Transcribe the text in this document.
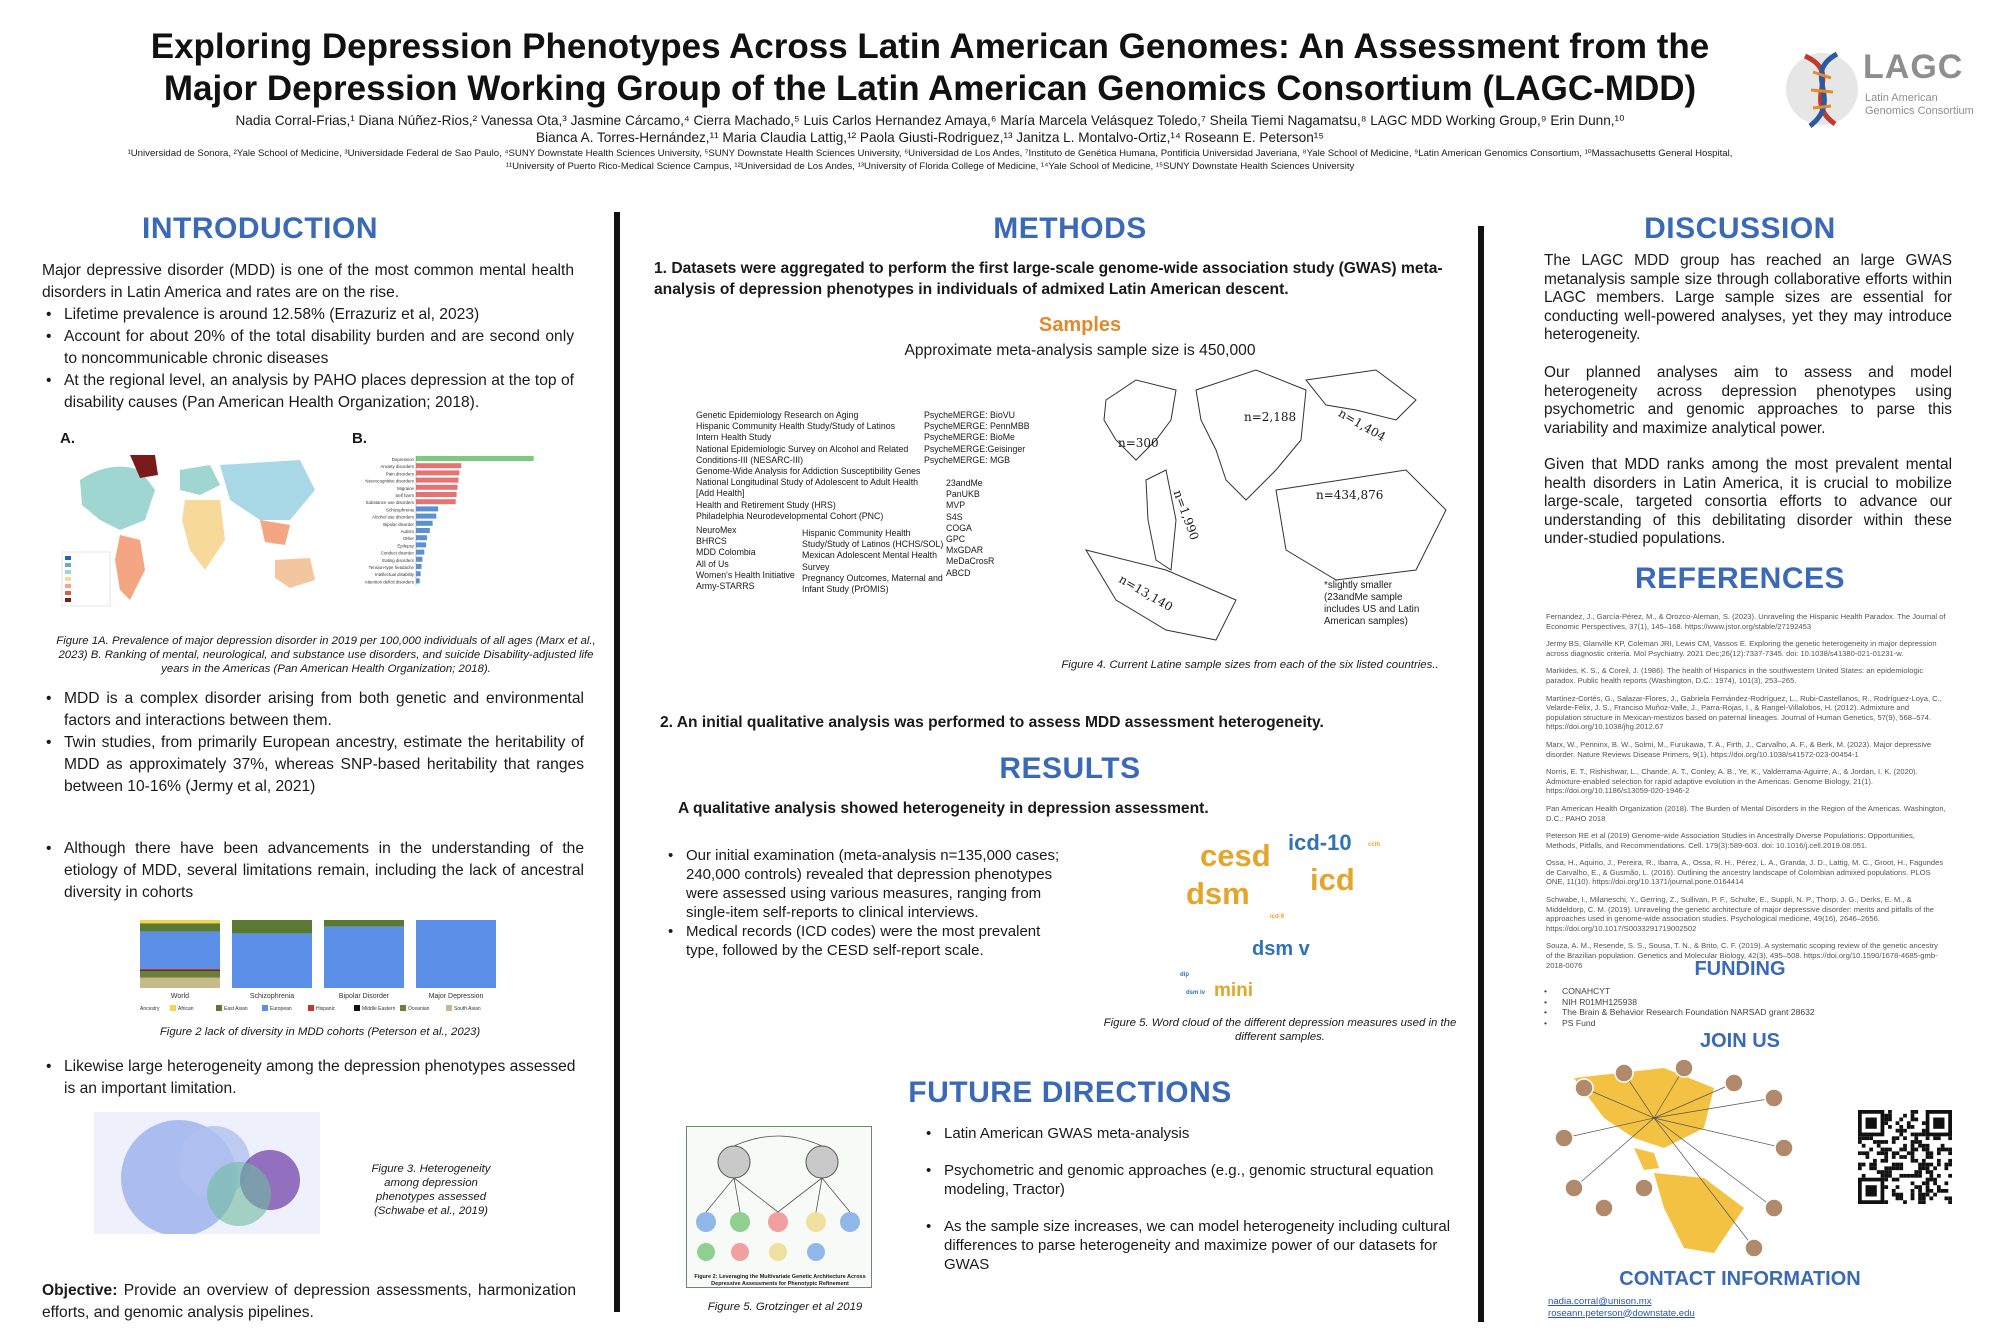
Exploring Depression Phenotypes Across Latin American Genomes: An Assessment from the
Major Depression Working Group of the Latin American Genomics Consortium (LAGC-MDD)
Nadia Corral-Frias,¹ Diana Núñez-Rios,² Vanessa Ota,³ Jasmine Cárcamo,⁴ Cierra Machado,⁵ Luis Carlos Hernandez Amaya,⁶ María Marcela Velásquez Toledo,⁷ Sheila Tiemi Nagamatsu,⁸ LAGC MDD Working Group,⁹ Erin Dunn,¹⁰
Bianca A. Torres-Hernández,¹¹ Maria Claudia Lattig,¹² Paola Giusti-Rodriguez,¹³ Janitza L. Montalvo-Ortiz,¹⁴ Roseann E. Peterson¹⁵
¹Universidad de Sonora, ²Yale School of Medicine, ³Universidade Federal de Sao Paulo, ⁴SUNY Downstate Health Sciences University, ⁵SUNY Downstate Health Sciences University, ⁶Universidad de Los Andes, ⁷Instituto de Genética Humana, Pontificia Universidad Javeriana, ⁸Yale School of Medicine, ⁹Latin American Genomics Consortium, ¹⁰Massachusetts General Hospital, ¹¹University of Puerto Rico-Medical Science Campus, ¹²Universidad de Los Andes, ¹³University of Florida College of Medicine, ¹⁴Yale School of Medicine, ¹⁵SUNY Downstate Health Sciences University
LAGC
Latin American
Genomics Consortium
INTRODUCTION
Major depressive disorder (MDD) is one of the most common mental health disorders in Latin America and rates are on the rise.
• Lifetime prevalence is around 12.58% (Errazuriz et al, 2023)
• Account for about 20% of the total disability burden and are second only to noncommunicable chronic diseases
• At the regional level, an analysis by PAHO places depression at the top of disability causes (Pan American Health Organization; 2018).
A.	B.
Depression
Anxiety disorders
Pain disorders
Neurocognitive disorders
Migraine
Self harm
Substance use disorders
Schizophrenia
Alcohol use disorders
Bipolar disorder
Autism
Other
Epilepsy
Conduct disorder
Eating disorders
Tension-type headache
Intellectual disability
Attention deficit disorders
Figure 1A. Prevalence of major depression disorder in 2019 per 100,000 individuals of all ages (Marx et al., 2023) B. Ranking of mental, neurological, and substance use disorders, and suicide Disability-adjusted life years in the Americas (Pan American Health Organization; 2018).
• MDD is a complex disorder arising from both genetic and environmental factors and interactions between them.
• Twin studies, from primarily European ancestry, estimate the heritability of MDD as approximately 37%, whereas SNP-based heritability that ranges between 10-16% (Jermy et al, 2021)
• Although there have been advancements in the understanding of the etiology of MDD, several limitations remain, including the lack of ancestral diversity in cohorts
World	Schizophrenia	Bipolar Disorder	Major Depression
Ancestry	African	East Asian	European	Hispanic	Middle Eastern	Oceanian	South Asian
Figure 2 lack of diversity in MDD cohorts (Peterson et al., 2023)
• Likewise large heterogeneity among the depression phenotypes assessed is an important limitation.
Figure 3. Heterogeneity among depression phenotypes assessed (Schwabe et al., 2019)
Objective: Provide an overview of depression assessments, harmonization efforts, and genomic analysis pipelines.
METHODS
1. Datasets were aggregated to perform the first large-scale genome-wide association study (GWAS) meta-analysis of depression phenotypes in individuals of admixed Latin American descent.
Samples
Approximate meta-analysis sample size is 450,000
Genetic Epidemiology Research on Aging
Hispanic Community Health Study/Study of Latinos
Intern Health Study
National Epidemiologic Survey on Alcohol and Related Conditions-III (NESARC-III)
Genome-Wide Analysis for Addiction Susceptibility Genes
National Longitudinal Study of Adolescent to Adult Health [Add Health]
Health and Retirement Study (HRS)
Philadelphia Neurodevelopmental Cohort (PNC)
NeuroMex
BHRCS
MDD Colombia
All of Us
Women's Health Initiative
Army-STARRS
Hispanic Community Health Study/Study of Latinos (HCHS/SOL)
Mexican Adolescent Mental Health Survey
Pregnancy Outcomes, Maternal and Infant Study (PrOMIS)
PsycheMERGE: BioVU
PsycheMERGE: PennMBB
PsycheMERGE: BioMe
PsycheMERGE:Geisinger
PsycheMERGE: MGB
23andMe
PanUKB
MVP
S4S
COGA
GPC
MxGDAR
MeDaCrosR
ABCD
n=300
n=2,188	n=1,404
n=1,990	n=434,876
n=13,140	*slightly smaller (23andMe sample includes US and Latin American samples)
Figure 4. Current Latine sample sizes from each of the six listed countries..
2. An initial qualitative analysis was performed to assess MDD assessment heterogeneity.
RESULTS
A qualitative analysis showed heterogeneity in depression assessment.
• Our initial examination (meta-analysis n=135,000 cases; 240,000 controls) revealed that depression phenotypes were assessed using various measures, ranging from single-item self-reports to clinical interviews.
• Medical records (ICD codes) were the most prevalent type, followed by the CESD self-report scale.
cesd icd-10
icd
dsm
dsm v
mini
ccih
icd-9
dip
dsm iv
Figure 5. Word cloud of the different depression measures used in the different samples.
FUTURE DIRECTIONS
Figure 2: Leveraging the Multivariate Genetic Architecture Across Depressive Assessments for Phenotypic Refinement
Figure 5. Grotzinger et al 2019
• Latin American GWAS meta-analysis
• Psychometric and genomic approaches (e.g., genomic structural equation modeling, Tractor)
• As the sample size increases, we can model heterogeneity including cultural differences to parse heterogeneity and maximize power of our datasets for GWAS
DISCUSSION
The LAGC MDD group has reached an large GWAS metanalysis sample size through collaborative efforts within LAGC members. Large sample sizes are essential for conducting well-powered analyses, yet they may introduce heterogeneity.
Our planned analyses aim to assess and model heterogeneity across depression phenotypes using psychometric and genomic approaches to parse this variability and maximize analytical power.
Given that MDD ranks among the most prevalent mental health disorders in Latin America, it is crucial to mobilize large-scale, targeted consortia efforts to advance our understanding of this debilitating disorder within these under-studied populations.
REFERENCES
Fernandez, J., García-Pérez, M., & Orozco-Aleman, S. (2023). Unraveling the Hispanic Health Paradox. The Journal of Economic Perspectives, 37(1), 145–168. https://www.jstor.org/stable/27192453
Jermy BS, Glanville KP, Coleman JRI, Lewis CM, Vassos E. Exploring the genetic heterogeneity in major depression across diagnostic criteria. Mol Psychiatry. 2021 Dec;26(12):7337-7345. doi: 10.1038/s41380-021-01231-w.
Markides, K. S., & Coreil, J. (1986). The health of Hispanics in the southwestern United States: an epidemiologic paradox. Public health reports (Washington, D.C.: 1974), 101(3), 253–265.
Martínez-Cortés, G., Salazar-Flores, J., Gabriela Fernández-Rodríguez, L., Rubi-Castellanos, R., Rodríguez-Loya, C., Velarde-Félix, J. S., Franciso Muñoz-Valle, J., Parra-Rojas, I., & Rangel-Villalobos, H. (2012). Admixture and population structure in Mexican-mestizos based on paternal lineages. Journal of Human Genetics, 57(9), 568–574. https://doi.org/10.1038/jhg.2012.67
Marx, W., Penninx, B. W., Solmi, M., Furukawa, T. A., Firth, J., Carvalho, A. F., & Berk, M. (2023). Major depressive disorder. Nature Reviews Disease Primers, 9(1). https://doi.org/10.1038/s41572-023-00454-1
Norris, E. T., Rishishwar, L., Chande, A. T., Conley, A. B., Ye, K., Valderrama-Aguirre, A., & Jordan, I. K. (2020). Admixture-enabled selection for rapid adaptive evolution in the Americas. Genome Biology, 21(1). https://doi.org/10.1186/s13059-020-1946-2
Pan American Health Organization (2018). The Burden of Mental Disorders in the Region of the Americas. Washington, D.C.: PAHO 2018
Peterson RE et al (2019) Genome-wide Association Studies in Ancestrally Diverse Populations: Opportunities, Methods, Pitfalls, and Recommendations. Cell. 179(3):589-603. doi: 10.1016/j.cell.2019.08.051.
Ossa, H., Aquino, J., Pereira, R., Ibarra, A., Ossa, R. H., Pérez, L. A., Granda, J. D., Lattig, M. C., Groot, H., Fagundes de Carvalho, E., & Gusmão, L. (2016). Outlining the ancestry landscape of Colombian admixed populations. PLOS ONE, 11(10). https://doi.org/10.1371/journal.pone.0164414
Schwabe, I., Milaneschi, Y., Gerring, Z., Sullivan, P. F., Schulte, E., Suppli, N. P., Thorp, J. G., Derks, E. M., & Middeldorp, C. M. (2019). Unraveling the genetic architecture of major depressive disorder: merits and pitfalls of the approaches used in genome-wide association studies. Psychological medicine, 49(16), 2646–2656. https://doi.org/10.1017/S0033291719002502
Souza, A. M., Resende, S. S., Sousa, T. N., & Brito, C. F. (2019). A systematic scoping review of the genetic ancestry of the Brazilian population. Genetics and Molecular Biology, 42(3), 495–508. https://doi.org/10.1590/1678-4685-gmb-2018-0076	FUNDING
• CONAHCYT
• NIH R01MH125938
• The Brain & Behavior Research Foundation NARSAD grant 28632
• PS Fund
JOIN US
CONTACT INFORMATION
nadia.corral@unison.mx
roseann.peterson@downstate.edu
